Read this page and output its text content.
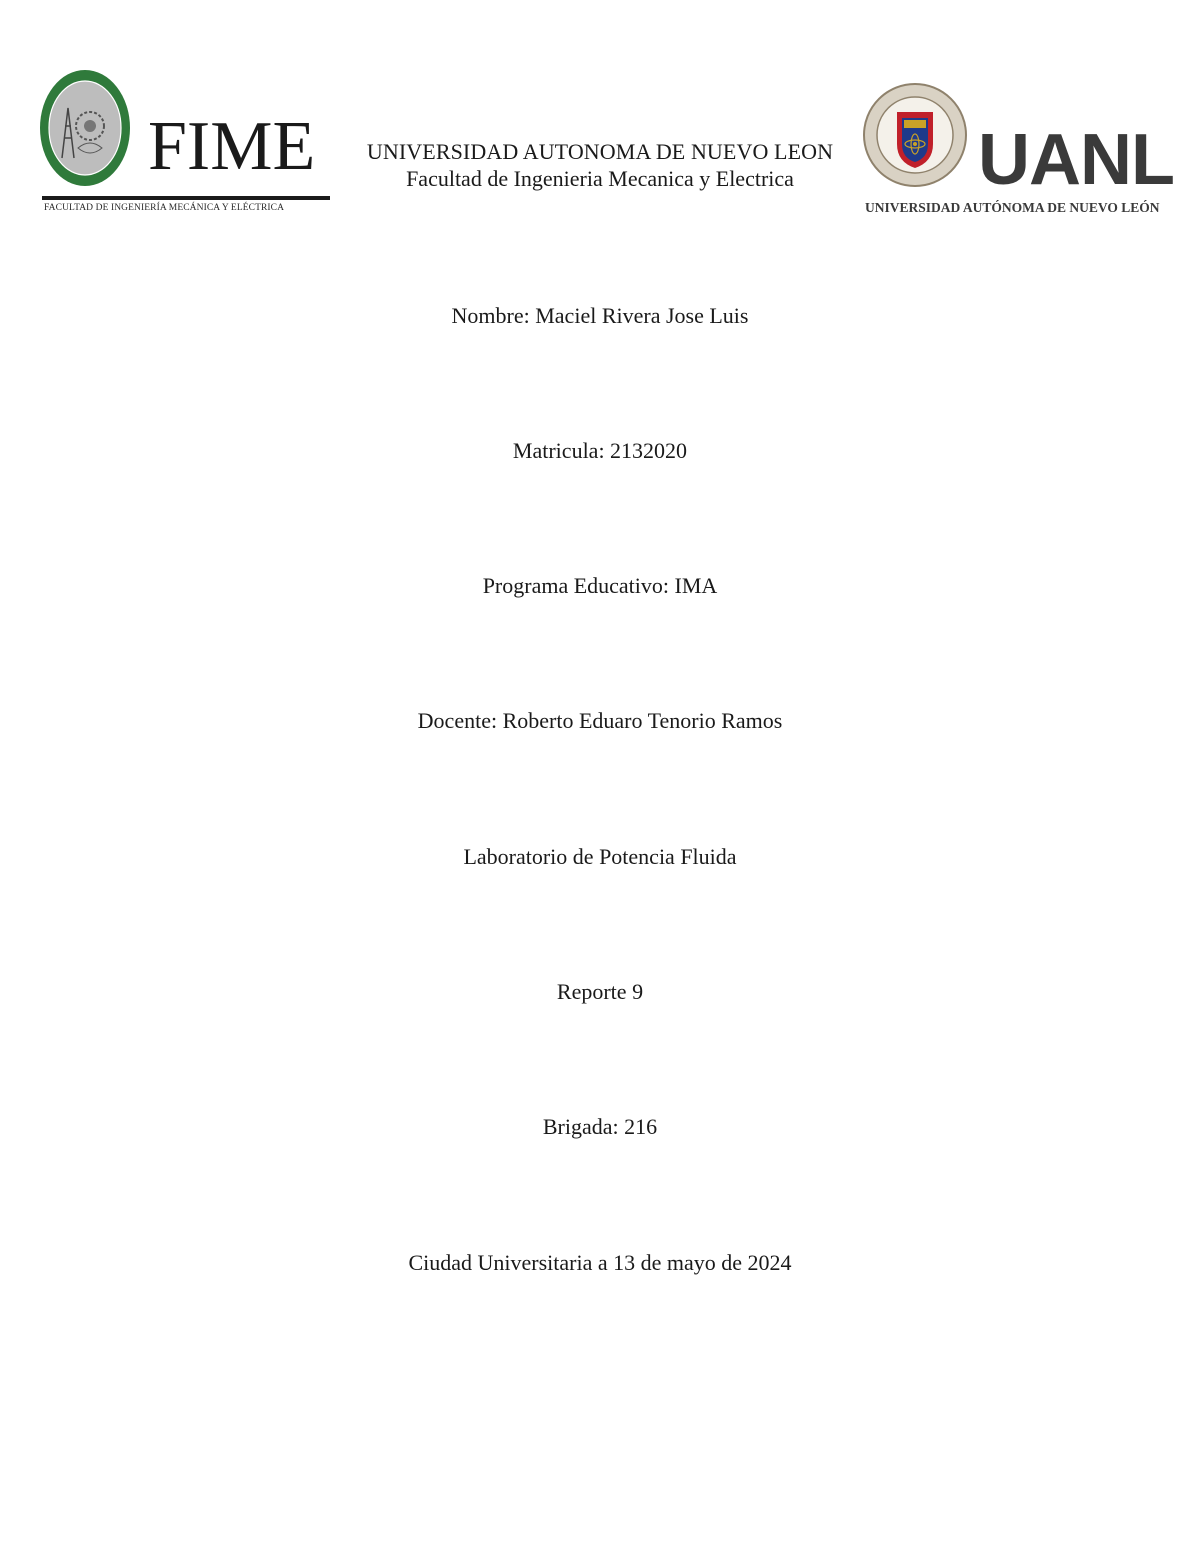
FIME
FACULTAD DE INGENIERÍA MECÁNICA Y ELÉCTRICA
UNIVERSIDAD AUTONOMA DE NUEVO LEON
Facultad de Ingenieria Mecanica y Electrica	UANL
UNIVERSIDAD AUTÓNOMA DE NUEVO LEÓN
Nombre: Maciel Rivera Jose Luis
Matricula: 2132020
Programa Educativo: IMA
Docente: Roberto Eduaro Tenorio Ramos
Laboratorio de Potencia Fluida
Reporte 9
Brigada: 216
Ciudad Universitaria a 13 de mayo de 2024
